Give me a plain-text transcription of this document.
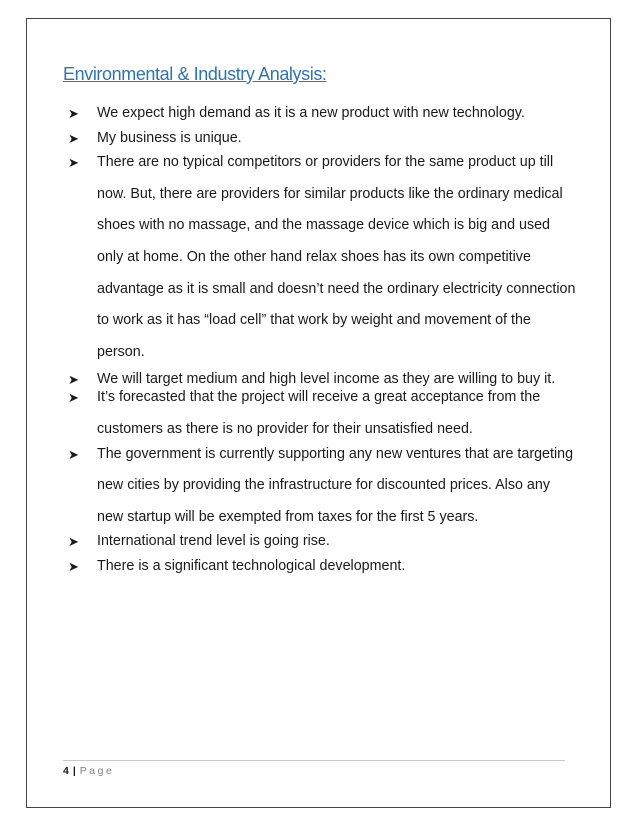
Environmental & Industry Analysis:
➤ We expect high demand as it is a new product with new technology.
➤ My business is unique.
➤ There are no typical competitors or providers for the same product up till now. But, there are providers for similar products like the ordinary medical shoes with no massage, and the massage device which is big and used only at home. On the other hand relax shoes has its own competitive advantage as it is small and doesn’t need the ordinary electricity connection to work as it has “load cell” that work by weight and movement of the person.
➤ We will target medium and high level income as they are willing to buy it.
➤ It’s forecasted that the project will receive a great acceptance from the customers as there is no provider for their unsatisfied need.
➤ The government is currently supporting any new ventures that are targeting new cities by providing the infrastructure for discounted prices. Also any new startup will be exempted from taxes for the first 5 years.
➤ International trend level is going rise.
➤ There is a significant technological development.
4 | Page
